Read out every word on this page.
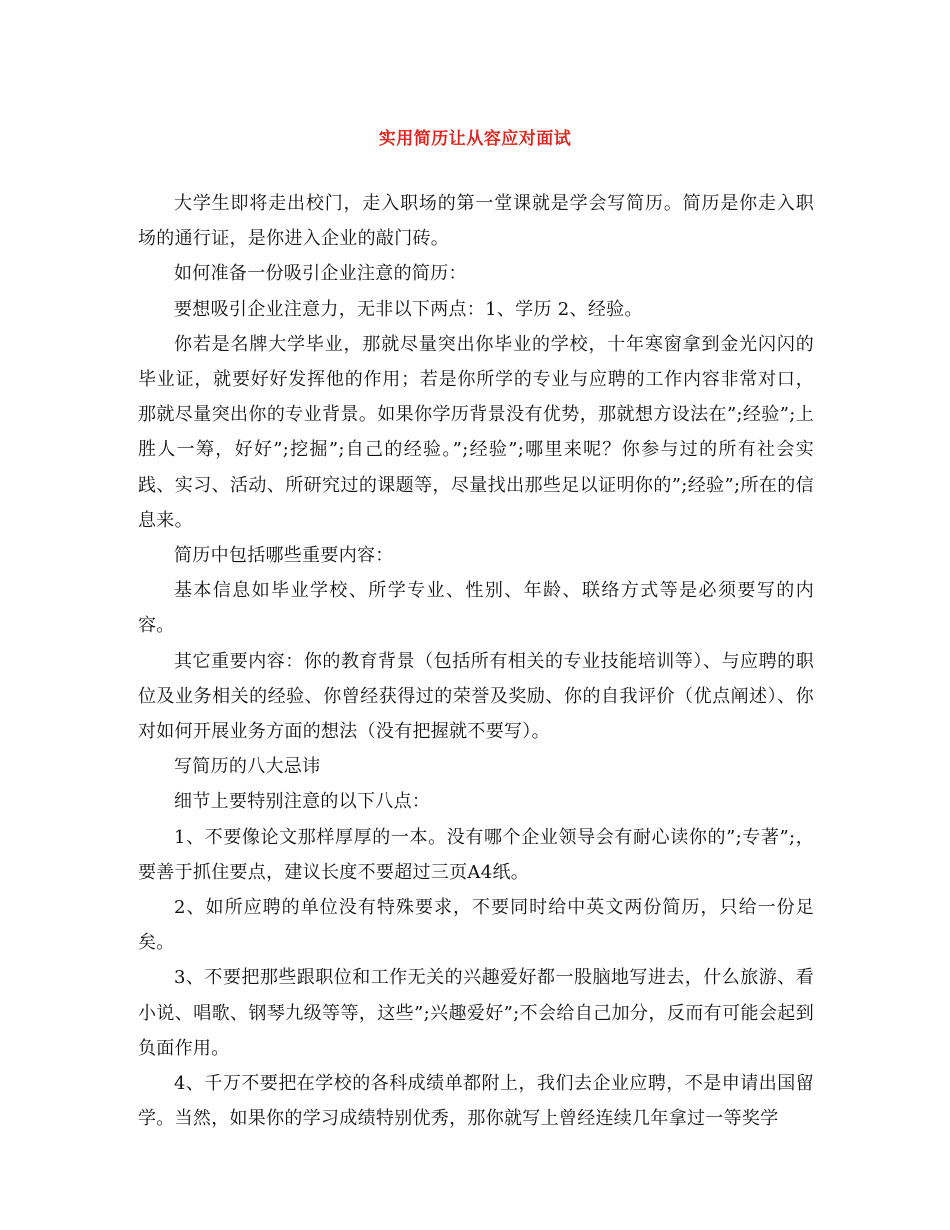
实用简历让从容应对面试

大学生即将走出校门，走入职场的第一堂课就是学会写简历。简历是你走入职场的通行证，是你进入企业的敲门砖。

如何准备一份吸引企业注意的简历：

要想吸引企业注意力，无非以下两点：1、学历 2、经验。

你若是名牌大学毕业，那就尽量突出你毕业的学校，十年寒窗拿到金光闪闪的毕业证，就要好好发挥他的作用；若是你所学的专业与应聘的工作内容非常对口，那就尽量突出你的专业背景。如果你学历背景没有优势，那就想方设法在”;经验”;上胜人一筹，好好”;挖掘”;自己的经验。”;经验”;哪里来呢？你参与过的所有社会实践、实习、活动、所研究过的课题等，尽量找出那些足以证明你的”;经验”;所在的信息来。

简历中包括哪些重要内容：

基本信息如毕业学校、所学专业、性别、年龄、联络方式等是必须要写的内容。

其它重要内容：你的教育背景（包括所有相关的专业技能培训等）、与应聘的职位及业务相关的经验、你曾经获得过的荣誉及奖励、你的自我评价（优点阐述）、你对如何开展业务方面的想法（没有把握就不要写）。

写简历的八大忌讳

细节上要特别注意的以下八点：

1、不要像论文那样厚厚的一本。没有哪个企业领导会有耐心读你的”;专著”;，要善于抓住要点，建议长度不要超过三页A4纸。

2、如所应聘的单位没有特殊要求，不要同时给中英文两份简历，只给一份足矣。

3、不要把那些跟职位和工作无关的兴趣爱好都一股脑地写进去，什么旅游、看小说、唱歌、钢琴九级等等，这些”;兴趣爱好”;不会给自己加分，反而有可能会起到负面作用。

4、千万不要把在学校的各科成绩单都附上，我们去企业应聘，不是申请出国留学。当然，如果你的学习成绩特别优秀，那你就写上曾经连续几年拿过一等奖学
